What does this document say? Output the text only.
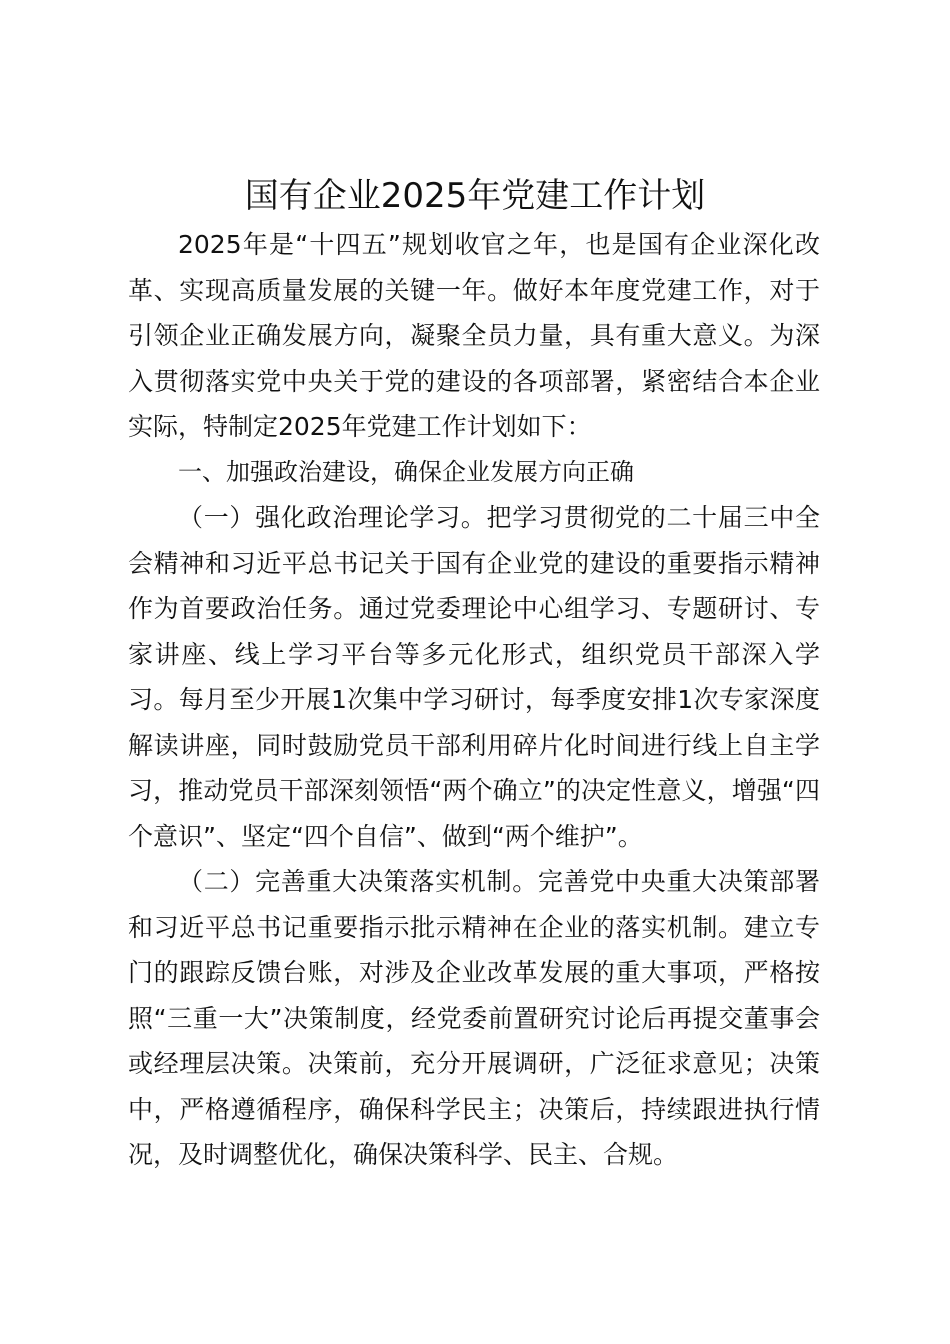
国有企业2025年党建工作计划

2025年是“十四五”规划收官之年，也是国有企业深化改革、实现高质量发展的关键一年。做好本年度党建工作，对于引领企业正确发展方向，凝聚全员力量，具有重大意义。为深入贯彻落实党中央关于党的建设的各项部署，紧密结合本企业实际，特制定2025年党建工作计划如下：

一、加强政治建设，确保企业发展方向正确

（一）强化政治理论学习。把学习贯彻党的二十届三中全会精神和习近平总书记关于国有企业党的建设的重要指示精神作为首要政治任务。通过党委理论中心组学习、专题研讨、专家讲座、线上学习平台等多元化形式，组织党员干部深入学习。每月至少开展1次集中学习研讨，每季度安排1次专家深度解读讲座，同时鼓励党员干部利用碎片化时间进行线上自主学习，推动党员干部深刻领悟“两个确立”的决定性意义，增强“四个意识”、坚定“四个自信”、做到“两个维护”。

（二）完善重大决策落实机制。完善党中央重大决策部署和习近平总书记重要指示批示精神在企业的落实机制。建立专门的跟踪反馈台账，对涉及企业改革发展的重大事项，严格按照“三重一大”决策制度，经党委前置研究讨论后再提交董事会或经理层决策。决策前，充分开展调研，广泛征求意见；决策中，严格遵循程序，确保科学民主；决策后，持续跟进执行情况，及时调整优化，确保决策科学、民主、合规。
